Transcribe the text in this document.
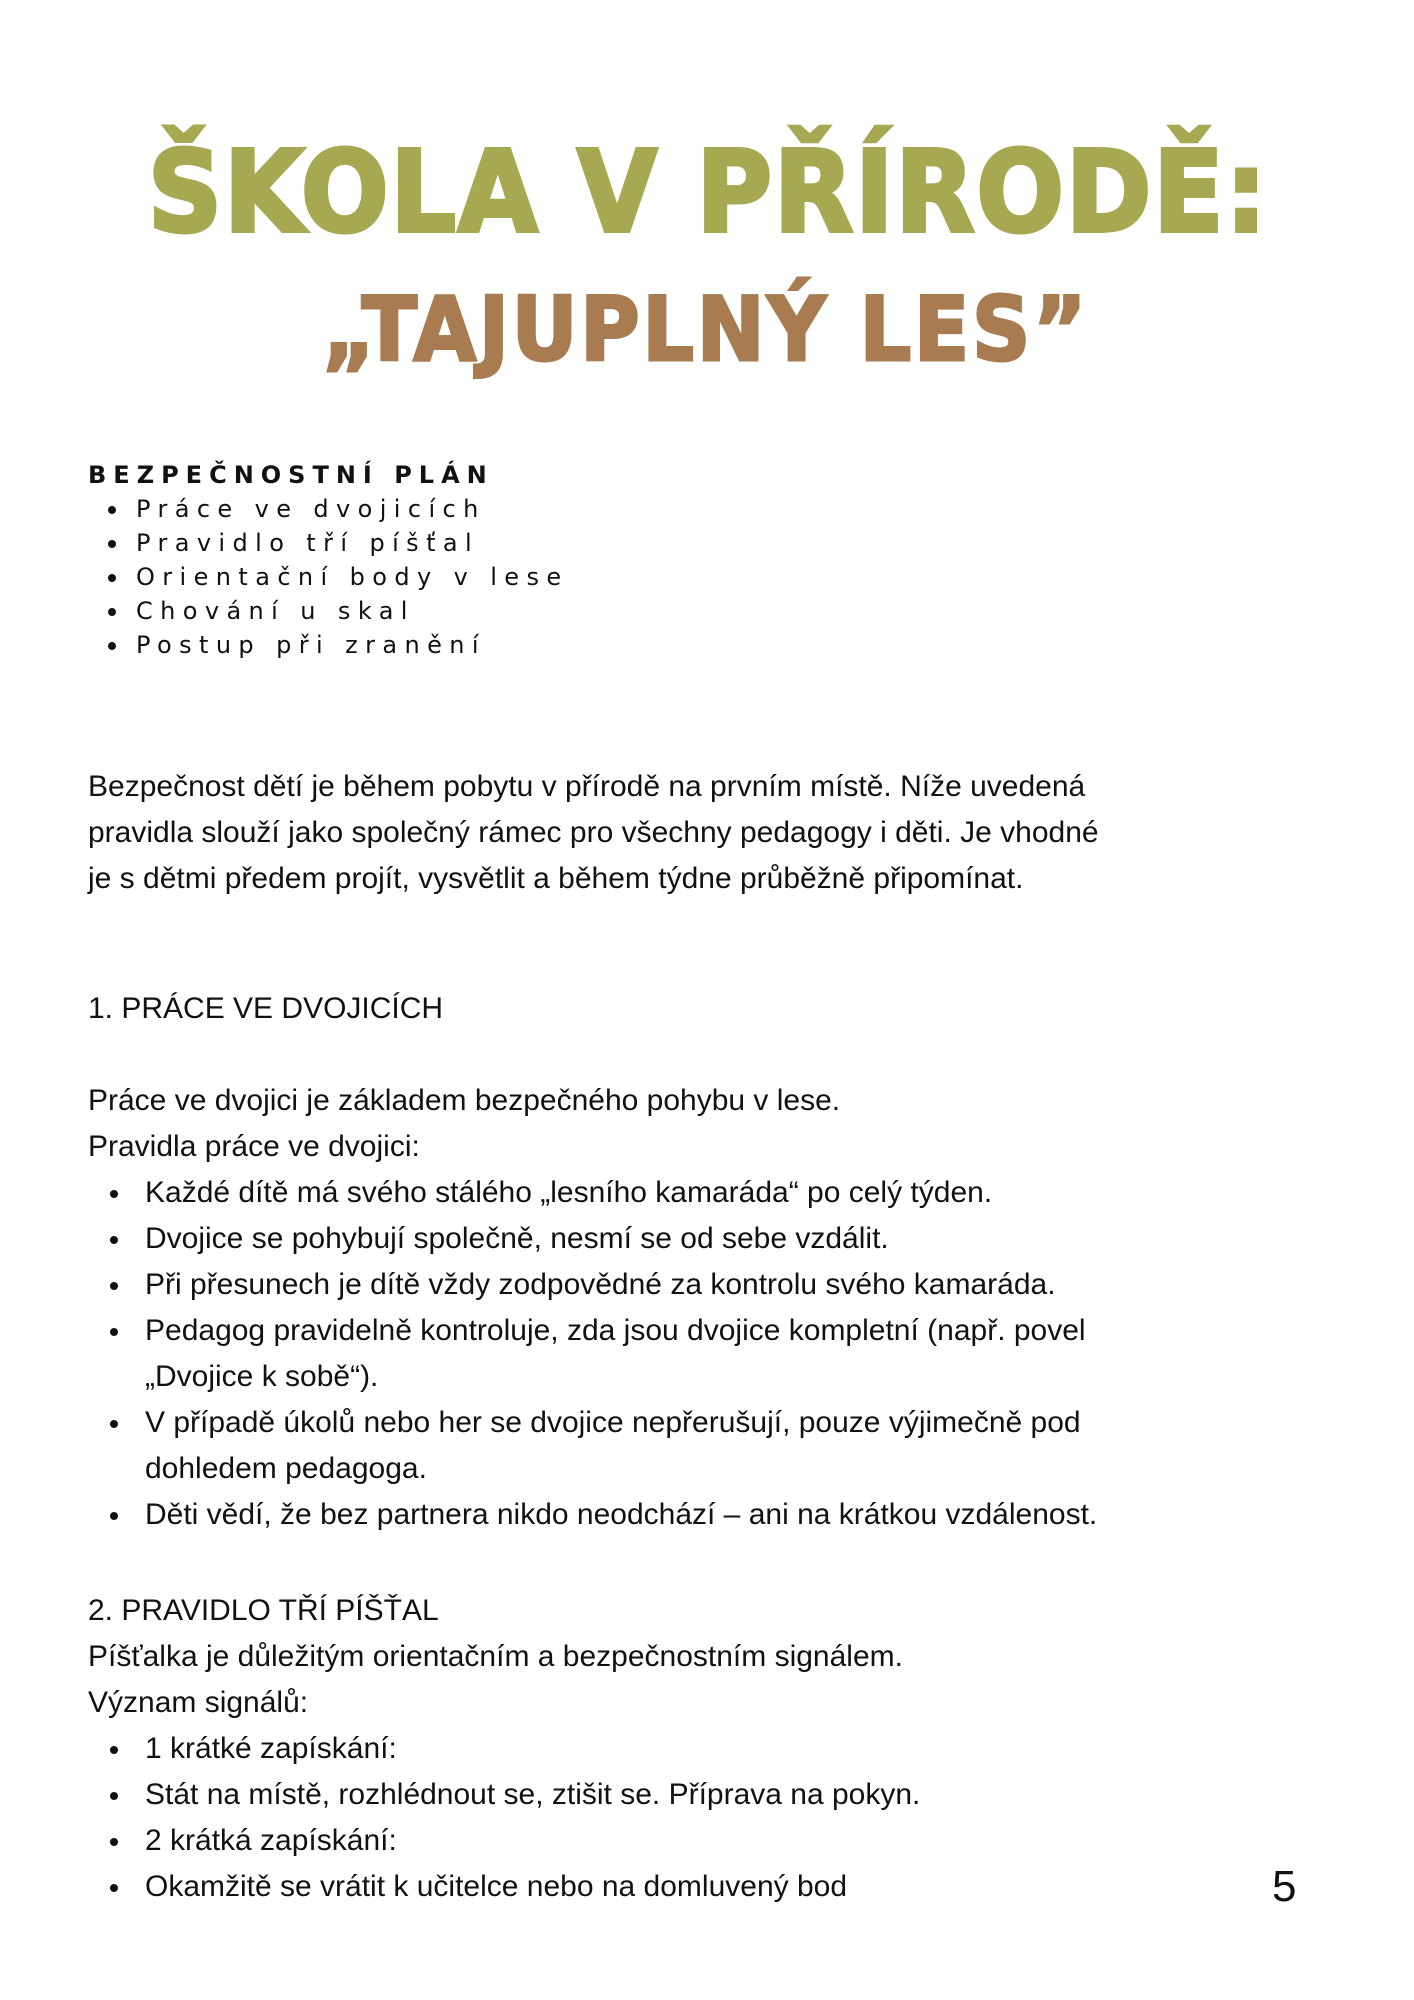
ŠKOLA V PŘÍRODĚ:
„TAJUPLNÝ LES”
BEZPEČNOSTNÍ PLÁN
Práce ve dvojicích
Pravidlo tří píšťal
Orientační body v lese
Chování u skal
Postup při zranění

Bezpečnost dětí je během pobytu v přírodě na prvním místě. Níže uvedená

pravidla slouží jako společný rámec pro všechny pedagogy i děti. Je vhodné

je s dětmi předem projít, vysvětlit a během týdne průběžně připomínat.

1. PRÁCE VE DVOJICÍCH

Práce ve dvojici je základem bezpečného pohybu v lese.

Pravidla práce ve dvojici:

Každé dítě má svého stálého „lesního kamaráda“ po celý týden.
Dvojice se pohybují společně, nesmí se od sebe vzdálit.
Při přesunech je dítě vždy zodpovědné za kontrolu svého kamaráda.
Pedagog pravidelně kontroluje, zda jsou dvojice kompletní (např. povel
„Dvojice k sobě“).
V případě úkolů nebo her se dvojice nepřerušují, pouze výjimečně pod
dohledem pedagoga.
Děti vědí, že bez partnera nikdo neodchází – ani na krátkou vzdálenost.

2. PRAVIDLO TŘÍ PÍŠŤAL

Píšťalka je důležitým orientačním a bezpečnostním signálem.

Význam signálů:

1 krátké zapískání:
Stát na místě, rozhlédnout se, ztišit se. Příprava na pokyn.
2 krátká zapískání:
Okamžitě se vrátit k učitelce nebo na domluvený bod	5
